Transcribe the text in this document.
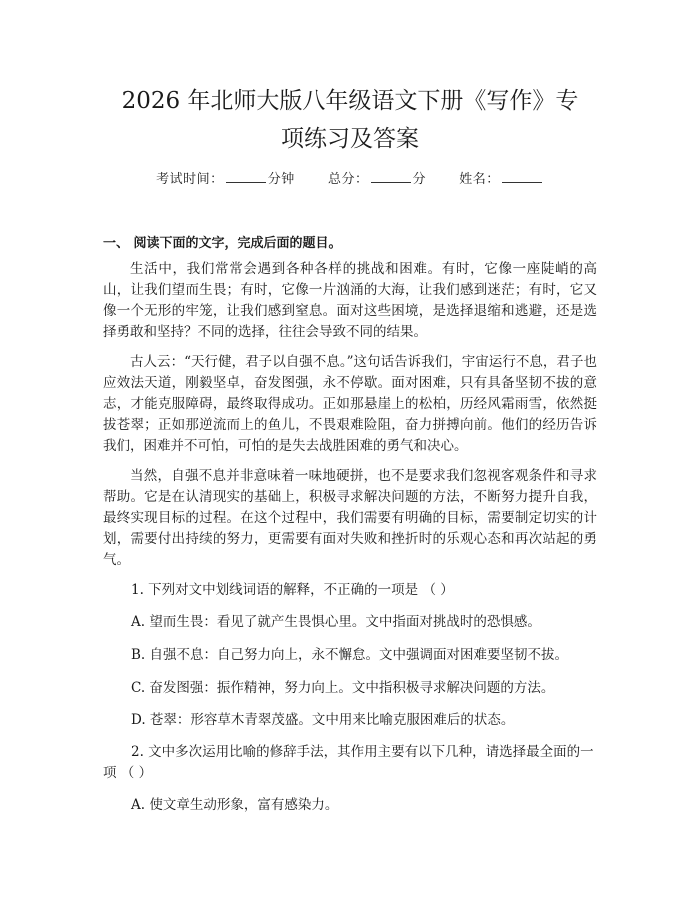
2026 年北师大版八年级语文下册《写作》专
项练习及答案
考试时间：	分钟	总分：	分	姓名：
一、 阅读下面的文字，完成后面的题目。

生活中，我们常常会遇到各种各样的挑战和困难。有时，它像一座陡峭的高山，让我们望而生畏；有时，它像一片汹涌的大海，让我们感到迷茫；有时，它又像一个无形的牢笼，让我们感到窒息。面对这些困境，是选择退缩和逃避，还是选择勇敢和坚持？不同的选择，往往会导致不同的结果。

古人云：“天行健，君子以自强不息。”这句话告诉我们，宇宙运行不息，君子也应效法天道，刚毅坚卓，奋发图强，永不停歇。面对困难，只有具备坚韧不拔的意志，才能克服障碍，最终取得成功。正如那悬崖上的松柏，历经风霜雨雪，依然挺拔苍翠；正如那逆流而上的鱼儿，不畏艰难险阻，奋力拼搏向前。他们的经历告诉我们，困难并不可怕，可怕的是失去战胜困难的勇气和决心。

当然，自强不息并非意味着一味地硬拼，也不是要求我们忽视客观条件和寻求帮助。它是在认清现实的基础上，积极寻求解决问题的方法，不断努力提升自我，最终实现目标的过程。在这个过程中，我们需要有明确的目标，需要制定切实的计划，需要付出持续的努力，更需要有面对失败和挫折时的乐观心态和再次站起的勇气。

1. 下列对文中划线词语的解释，不正确的一项是 （ ）

A. 望而生畏：看见了就产生畏惧心里。文中指面对挑战时的恐惧感。

B. 自强不息：自己努力向上，永不懈怠。文中强调面对困难要坚韧不拔。

C. 奋发图强：振作精神，努力向上。文中指积极寻求解决问题的方法。

D. 苍翠：形容草木青翠茂盛。文中用来比喻克服困难后的状态。

2. 文中多次运用比喻的修辞手法，其作用主要有以下几种，请选择最全面的一项 （ ）

A. 使文章生动形象，富有感染力。
